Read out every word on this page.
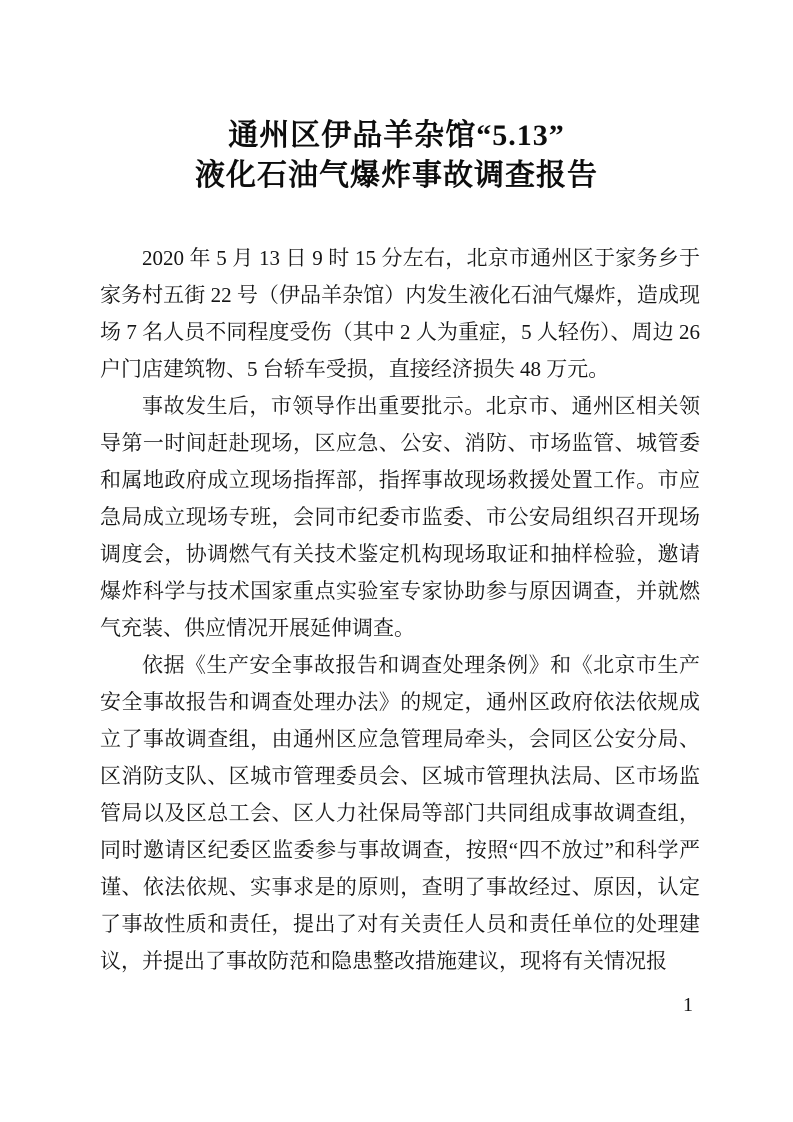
通州区伊品羊杂馆“5.13”
液化石油气爆炸事故调查报告

2020 年 5 月 13 日 9 时 15 分左右，北京市通州区于家务乡于家务村五街 22 号（伊品羊杂馆）内发生液化石油气爆炸，造成现场 7 名人员不同程度受伤（其中 2 人为重症，5 人轻伤）、周边 26 户门店建筑物、5 台轿车受损，直接经济损失 48 万元。

事故发生后，市领导作出重要批示。北京市、通州区相关领导第一时间赶赴现场，区应急、公安、消防、市场监管、城管委和属地政府成立现场指挥部，指挥事故现场救援处置工作。市应急局成立现场专班，会同市纪委市监委、市公安局组织召开现场调度会，协调燃气有关技术鉴定机构现场取证和抽样检验，邀请爆炸科学与技术国家重点实验室专家协助参与原因调查，并就燃气充装、供应情况开展延伸调查。

依据《生产安全事故报告和调查处理条例》和《北京市生产安全事故报告和调查处理办法》的规定，通州区政府依法依规成立了事故调查组，由通州区应急管理局牵头，会同区公安分局、区消防支队、区城市管理委员会、区城市管理执法局、区市场监管局以及区总工会、区人力社保局等部门共同组成事故调查组，同时邀请区纪委区监委参与事故调查，按照“四不放过”和科学严谨、依法依规、实事求是的原则，查明了事故经过、原因，认定了事故性质和责任，提出了对有关责任人员和责任单位的处理建议，并提出了事故防范和隐患整改措施建议，现将有关情况报

1
